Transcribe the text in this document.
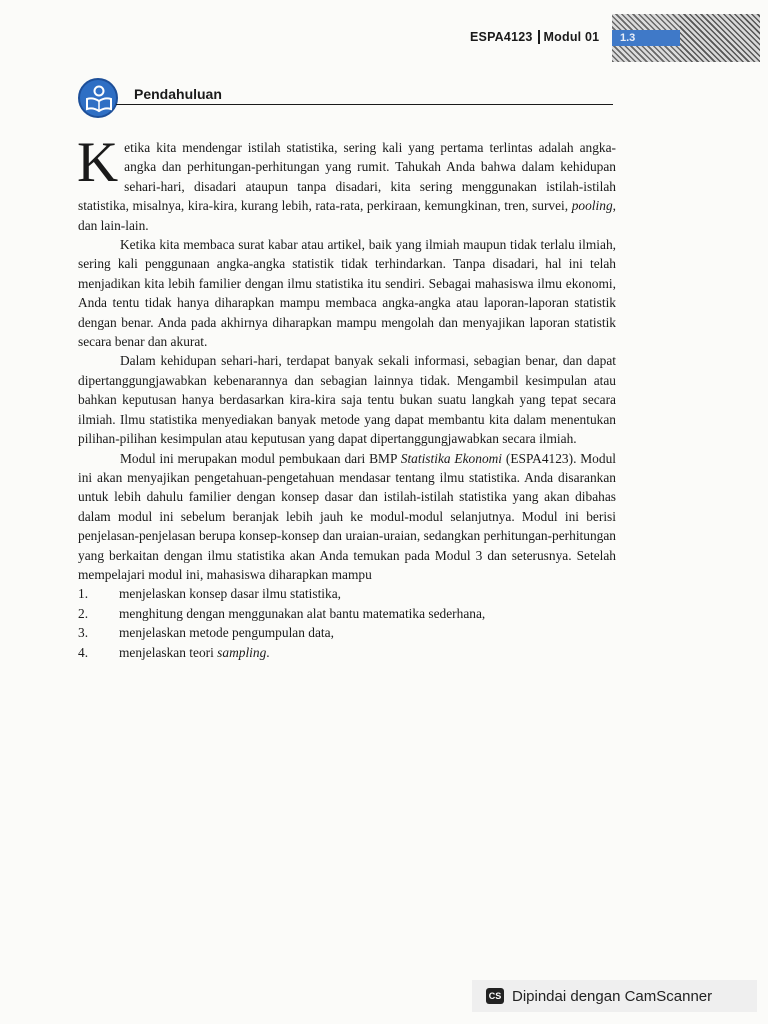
ESPA4123 Modul 01	1.3
Pendahuluan

Ketika kita mendengar istilah statistika, sering kali yang pertama terlintas adalah angka-angka dan perhitungan-perhitungan yang rumit. Tahukah Anda bahwa dalam kehidupan sehari-hari, disadari ataupun tanpa disadari, kita sering menggunakan istilah-istilah statistika, misalnya, kira-kira, kurang lebih, rata-rata, perkiraan, kemungkinan, tren, survei, pooling, dan lain-lain.

Ketika kita membaca surat kabar atau artikel, baik yang ilmiah maupun tidak terlalu ilmiah, sering kali penggunaan angka-angka statistik tidak terhindarkan. Tanpa disadari, hal ini telah menjadikan kita lebih familier dengan ilmu statistika itu sendiri. Sebagai mahasiswa ilmu ekonomi, Anda tentu tidak hanya diharapkan mampu membaca angka-angka atau laporan-laporan statistik dengan benar. Anda pada akhirnya diharapkan mampu mengolah dan menyajikan laporan statistik secara benar dan akurat.

Dalam kehidupan sehari-hari, terdapat banyak sekali informasi, sebagian benar, dan dapat dipertanggungjawabkan kebenarannya dan sebagian lainnya tidak. Mengambil kesimpulan atau bahkan keputusan hanya berdasarkan kira-kira saja tentu bukan suatu langkah yang tepat secara ilmiah. Ilmu statistika menyediakan banyak metode yang dapat membantu kita dalam menentukan pilihan-pilihan kesimpulan atau keputusan yang dapat dipertanggungjawabkan secara ilmiah.

Modul ini merupakan modul pembukaan dari BMP Statistika Ekonomi (ESPA4123). Modul ini akan menyajikan pengetahuan-pengetahuan mendasar tentang ilmu statistika. Anda disarankan untuk lebih dahulu familier dengan konsep dasar dan istilah-istilah statistika yang akan dibahas dalam modul ini sebelum beranjak lebih jauh ke modul-modul selanjutnya. Modul ini berisi penjelasan-penjelasan berupa konsep-konsep dan uraian-uraian, sedangkan perhitungan-perhitungan yang berkaitan dengan ilmu statistika akan Anda temukan pada Modul 3 dan seterusnya. Setelah mempelajari modul ini, mahasiswa diharapkan mampu

1.	menjelaskan konsep dasar ilmu statistika,
2.	menghitung dengan menggunakan alat bantu matematika sederhana,
3.	menjelaskan metode pengumpulan data,
4.	menjelaskan teori sampling.
CS Dipindai dengan CamScanner
